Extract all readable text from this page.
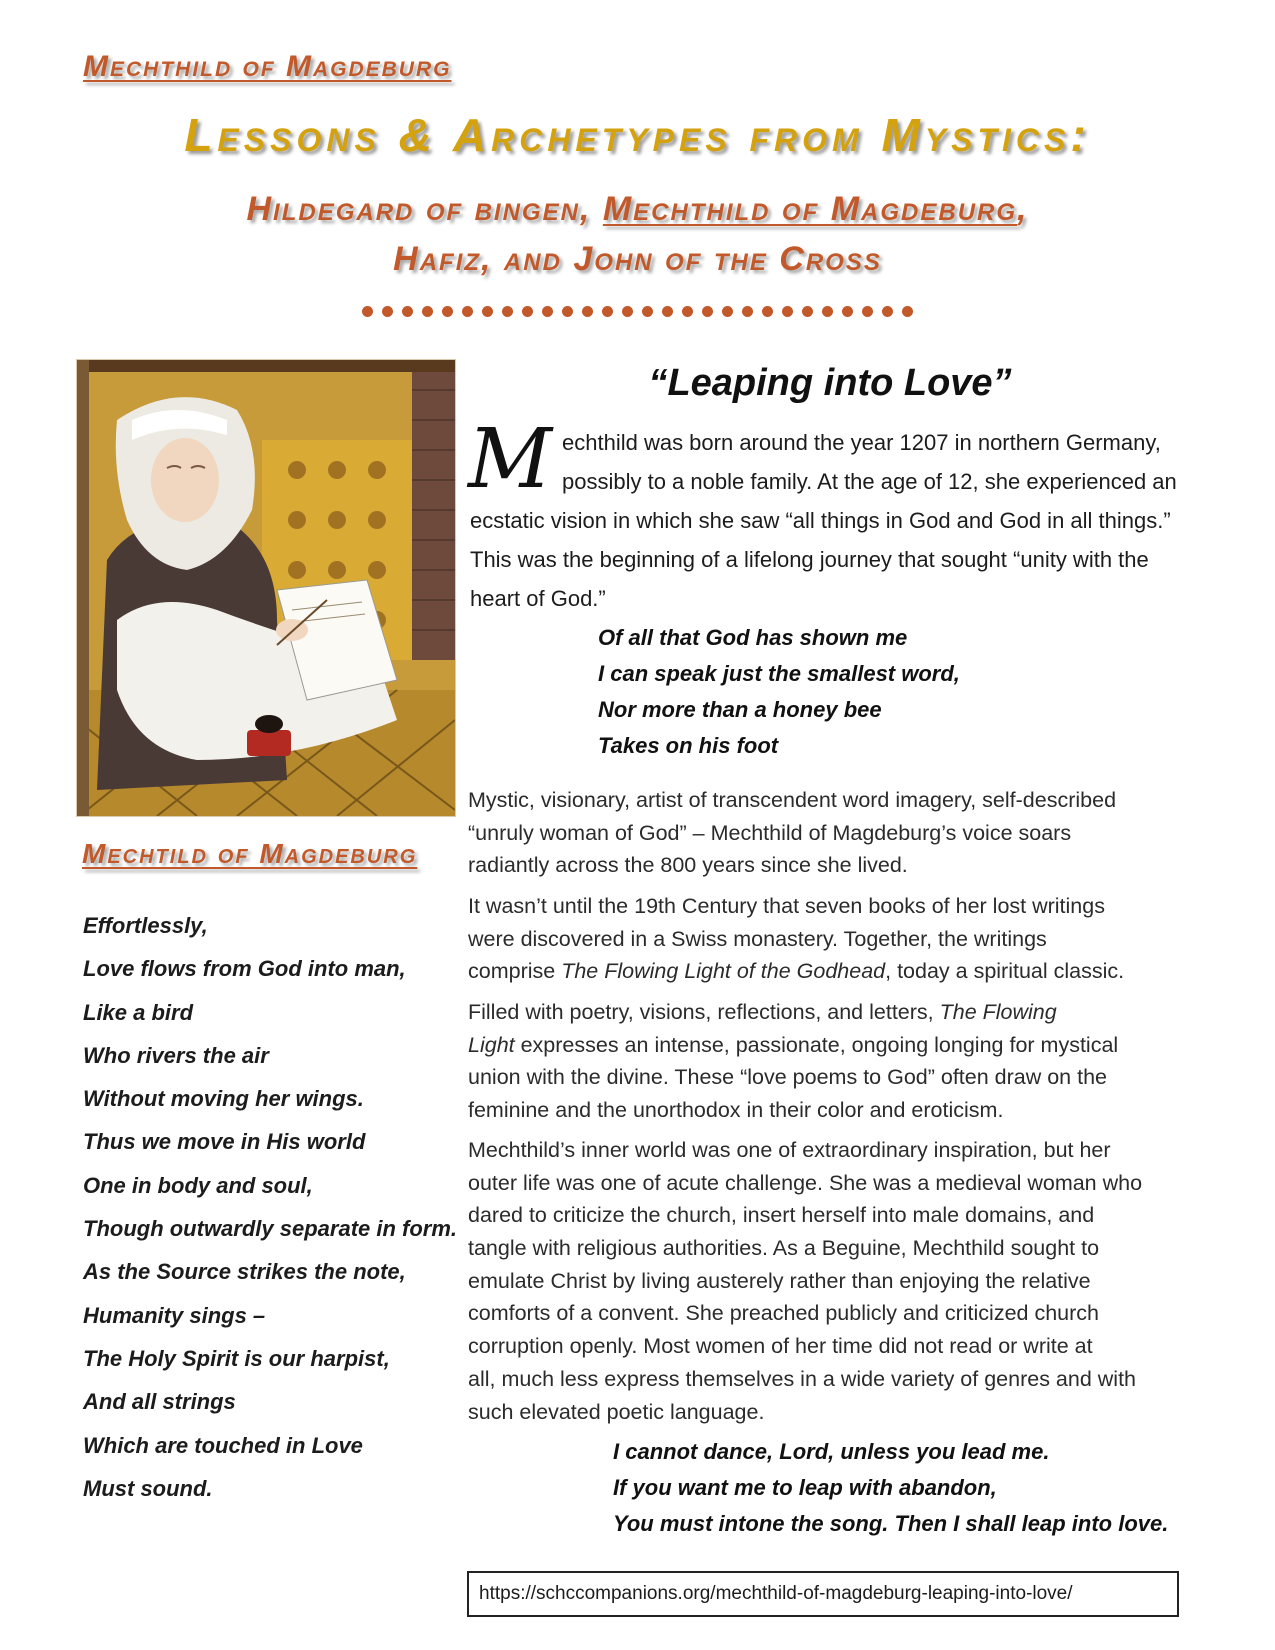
Mechthild of Magdeburg
Lessons & Archetypes from Mystics:
Hildegard of bingen, Mechthild of Magdeburg,
Hafiz, and John of the Cross
Mechtild of Magdeburg
Effortlessly,
Love flows from God into man,
Like a bird
Who rivers the air
Without moving her wings.
Thus we move in His world
One in body and soul,
Though outwardly separate in form.
As the Source strikes the note,
Humanity sings –
The Holy Spirit is our harpist,
And all strings
Which are touched in Love
Must sound.
“Leaping into Love”
M echthild was born around the year 1207 in northern Germany,
possibly to a noble family. At the age of 12, she experienced an
ecstatic vision in which she saw “all things in God and God in all things.”
This was the beginning of a lifelong journey that sought “unity with the
heart of God.”
Of all that God has shown me
I can speak just the smallest word,
Nor more than a honey bee
Takes on his foot
Mystic, visionary, artist of transcendent word imagery, self-described
“unruly woman of God” – Mechthild of Magdeburg’s voice soars
radiantly across the 800 years since she lived.
It wasn’t until the 19th Century that seven books of her lost writings
were discovered in a Swiss monastery. Together, the writings
comprise The Flowing Light of the Godhead, today a spiritual classic.
Filled with poetry, visions, reflections, and letters, The Flowing
Light expresses an intense, passionate, ongoing longing for mystical
union with the divine. These “love poems to God” often draw on the
feminine and the unorthodox in their color and eroticism.
Mechthild’s inner world was one of extraordinary inspiration, but her
outer life was one of acute challenge. She was a medieval woman who
dared to criticize the church, insert herself into male domains, and
tangle with religious authorities. As a Beguine, Mechthild sought to
emulate Christ by living austerely rather than enjoying the relative
comforts of a convent. She preached publicly and criticized church
corruption openly. Most women of her time did not read or write at
all, much less express themselves in a wide variety of genres and with
such elevated poetic language.
I cannot dance, Lord, unless you lead me.
If you want me to leap with abandon,
You must intone the song. Then I shall leap into love.
https://schccompanions.org/mechthild-of-magdeburg-leaping-into-love/
